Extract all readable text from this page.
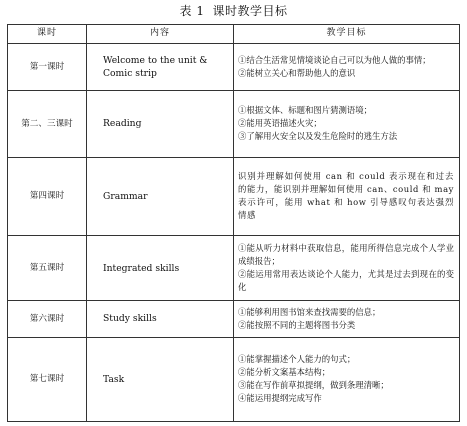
表 1 课时教学目标
课时	内容	教学目标
第一课时	Welcome to the unit & Comic strip	①结合生活常见情境谈论自己可以为他人做的事情；
②能树立关心和帮助他人的意识

第二、三课时	Reading	①根据文体、标题和图片猜测语境；
②能用英语描述火灾；
③了解用火安全以及发生危险时的逃生方法

第四课时	Grammar	识别并理解如何使用 can 和 could 表示现在和过去的能力，能识别并理解如何使用 can、could 和 may 表示许可，能用 what 和 how 引导感叹句表达强烈情感

第五课时	Integrated skills	①能从听力材料中获取信息，能用所得信息完成个人学业成绩报告；
②能运用常用表达谈论个人能力，尤其是过去到现在的变化

第六课时	Study skills	①能够利用图书馆来查找需要的信息；
②能按照不同的主题将图书分类

第七课时	Task	①能掌握描述个人能力的句式；
②能分析文案基本结构；
③能在写作前草拟提纲，做到条理清晰；
④能运用提纲完成写作
